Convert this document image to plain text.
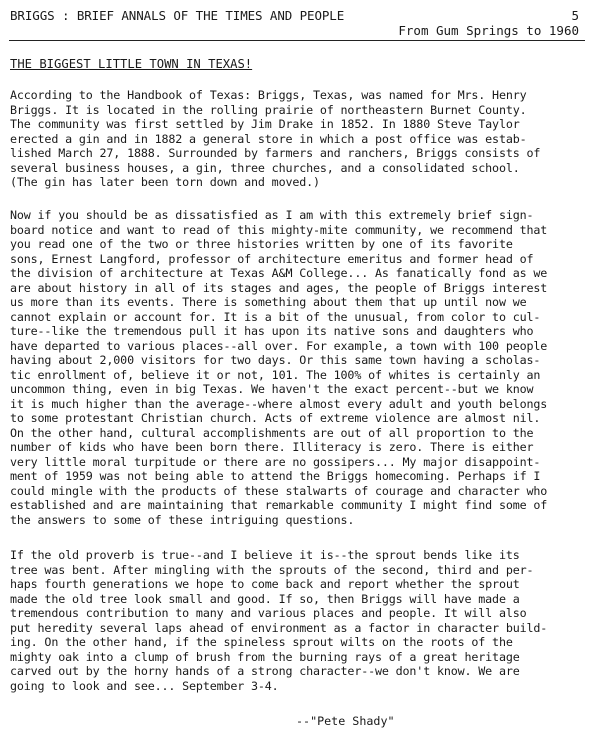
BRIGGS : BRIEF ANNALS OF THE TIMES AND PEOPLE	5
From Gum Springs to 1960
THE BIGGEST LITTLE TOWN IN TEXAS!
According to the Handbook of Texas: Briggs, Texas, was named for Mrs. Henry
Briggs. It is located in the rolling prairie of northeastern Burnet County.
The community was first settled by Jim Drake in 1852. In 1880 Steve Taylor
erected a gin and in 1882 a general store in which a post office was estab-
lished March 27, 1888. Surrounded by farmers and ranchers, Briggs consists of
several business houses, a gin, three churches, and a consolidated school.
(The gin has later been torn down and moved.)
Now if you should be as dissatisfied as I am with this extremely brief sign-
board notice and want to read of this mighty-mite community, we recommend that
you read one of the two or three histories written by one of its favorite
sons, Ernest Langford, professor of architecture emeritus and former head of
the division of architecture at Texas A&M College... As fanatically fond as we
are about history in all of its stages and ages, the people of Briggs interest
us more than its events. There is something about them that up until now we
cannot explain or account for. It is a bit of the unusual, from color to cul-
ture--like the tremendous pull it has upon its native sons and daughters who
have departed to various places--all over. For example, a town with 100 people
having about 2,000 visitors for two days. Or this same town having a scholas-
tic enrollment of, believe it or not, 101. The 100% of whites is certainly an
uncommon thing, even in big Texas. We haven't the exact percent--but we know
it is much higher than the average--where almost every adult and youth belongs
to some protestant Christian church. Acts of extreme violence are almost nil.
On the other hand, cultural accomplishments are out of all proportion to the
number of kids who have been born there. Illiteracy is zero. There is either
very little moral turpitude or there are no gossipers... My major disappoint-
ment of 1959 was not being able to attend the Briggs homecoming. Perhaps if I
could mingle with the products of these stalwarts of courage and character who
established and are maintaining that remarkable community I might find some of
the answers to some of these intriguing questions.
If the old proverb is true--and I believe it is--the sprout bends like its
tree was bent. After mingling with the sprouts of the second, third and per-
haps fourth generations we hope to come back and report whether the sprout
made the old tree look small and good. If so, then Briggs will have made a
tremendous contribution to many and various places and people. It will also
put heredity several laps ahead of environment as a factor in character build-
ing. On the other hand, if the spineless sprout wilts on the roots of the
mighty oak into a clump of brush from the burning rays of a great heritage
carved out by the horny hands of a strong character--we don't know. We are
going to look and see... September 3-4.
--"Pete Shady"
